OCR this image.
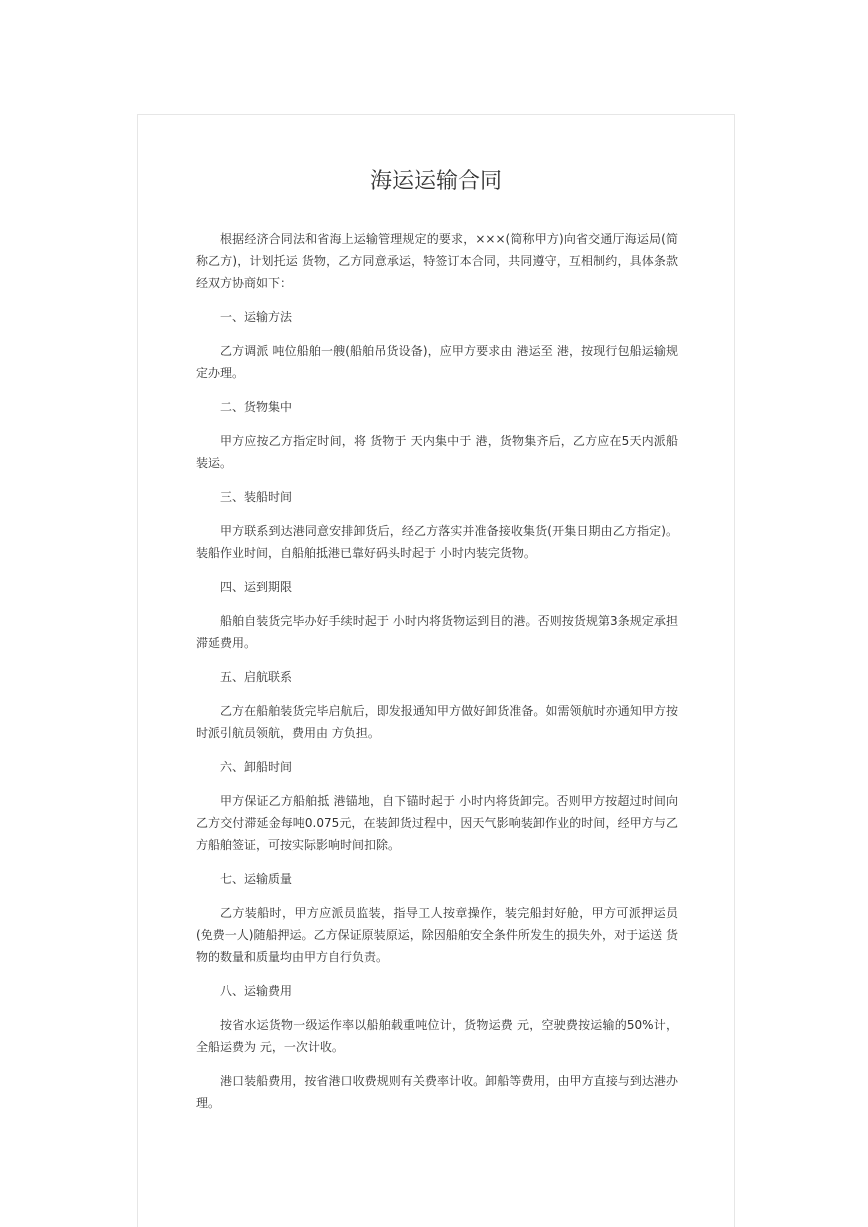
海运运输合同

根据经济合同法和省海上运输管理规定的要求，×××(简称甲方)向省交通厅海运局(简称乙方)，计划托运 货物，乙方同意承运，特签订本合同，共同遵守，互相制约，具体条款经双方协商如下：

一、运输方法

乙方调派 吨位船舶一艘(船舶吊货设备)，应甲方要求由 港运至 港，按现行包船运输规定办理。

二、货物集中

甲方应按乙方指定时间，将 货物于 天内集中于 港，货物集齐后，乙方应在5天内派船装运。

三、装船时间

甲方联系到达港同意安排卸货后，经乙方落实并准备接收集货(开集日期由乙方指定)。装船作业时间，自船舶抵港已靠好码头时起于 小时内装完货物。

四、运到期限

船舶自装货完毕办好手续时起于 小时内将货物运到目的港。否则按货规第3条规定承担滞延费用。

五、启航联系

乙方在船舶装货完毕启航后，即发报通知甲方做好卸货准备。如需领航时亦通知甲方按时派引航员领航，费用由 方负担。

六、卸船时间

甲方保证乙方船舶抵 港锚地，自下锚时起于 小时内将货卸完。否则甲方按超过时间向乙方交付滞延金每吨0.075元，在装卸货过程中，因天气影响装卸作业的时间，经甲方与乙方船舶签证，可按实际影响时间扣除。

七、运输质量

乙方装船时，甲方应派员监装，指导工人按章操作，装完船封好舱，甲方可派押运员(免费一人)随船押运。乙方保证原装原运，除因船舶安全条件所发生的损失外，对于运送 货物的数量和质量均由甲方自行负责。

八、运输费用

按省水运货物一级运作率以船舶载重吨位计，货物运费 元，空驶费按运输的50%计，全船运费为 元，一次计收。

港口装船费用，按省港口收费规则有关费率计收。卸船等费用，由甲方直接与到达港办理。
